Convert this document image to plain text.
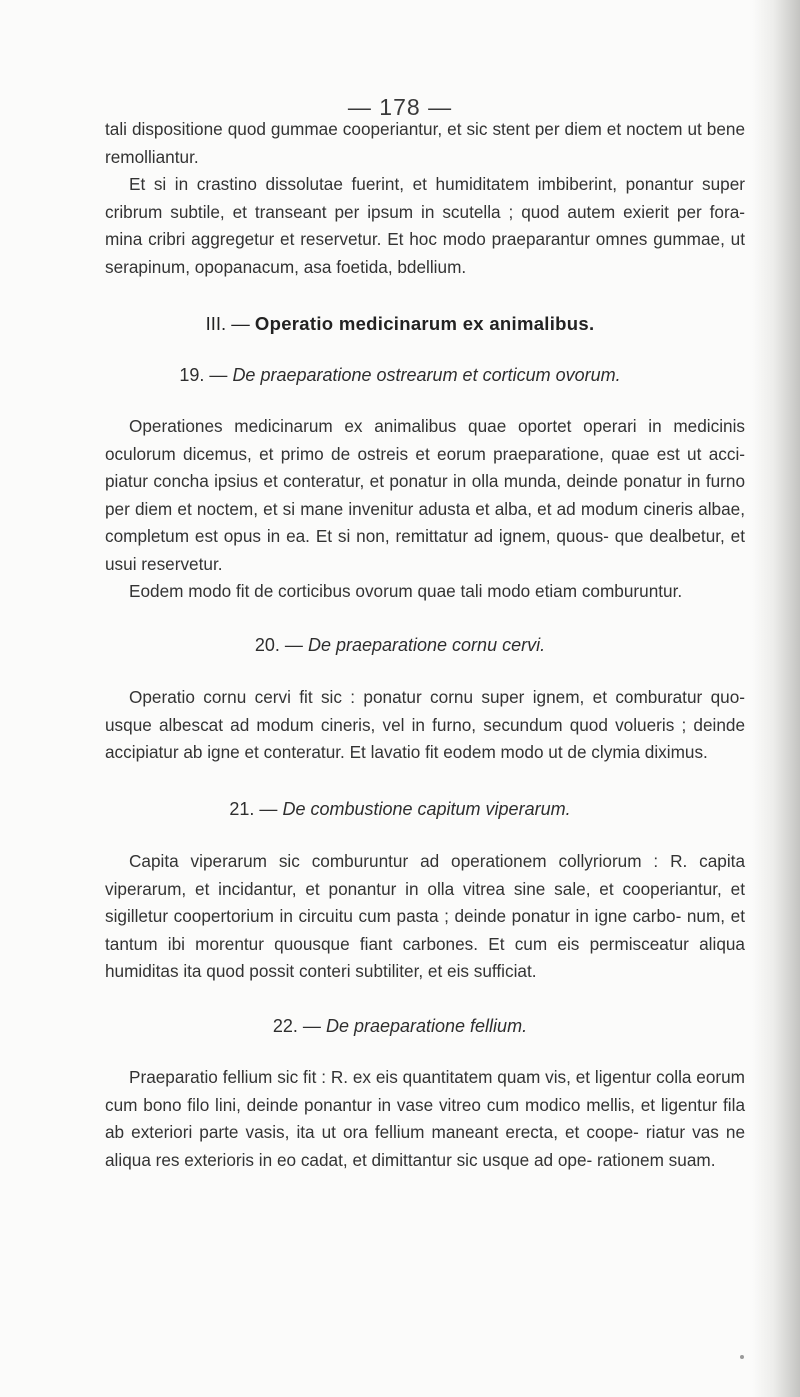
— 178 —

tali dispositione quod gummae cooperiantur, et sic stent per diem et noctem ut bene remolliantur.

Et si in crastino dissolutae fuerint, et humiditatem imbiberint, ponantur super cribrum subtile, et transeant per ipsum in scutella ; quod autem exierit per fora- mina cribri aggregetur et reservetur. Et hoc modo praeparantur omnes gummae, ut serapinum, opopanacum, asa foetida, bdellium.

III. — Operatio medicinarum ex animalibus.
19. — De praeparatione ostrearum et corticum ovorum.

Operationes medicinarum ex animalibus quae oportet operari in medicinis oculorum dicemus, et primo de ostreis et eorum praeparatione, quae est ut acci- piatur concha ipsius et conteratur, et ponatur in olla munda, deinde ponatur in furno per diem et noctem, et si mane invenitur adusta et alba, et ad modum cineris albae, completum est opus in ea. Et si non, remittatur ad ignem, quous- que dealbetur, et usui reservetur.

Eodem modo fit de corticibus ovorum quae tali modo etiam comburuntur.

20. — De praeparatione cornu cervi.

Operatio cornu cervi fit sic : ponatur cornu super ignem, et comburatur quo- usque albescat ad modum cineris, vel in furno, secundum quod volueris ; deinde accipiatur ab igne et conteratur. Et lavatio fit eodem modo ut de clymia diximus.

21. — De combustione capitum viperarum.

Capita viperarum sic comburuntur ad operationem collyriorum : R. capita viperarum, et incidantur, et ponantur in olla vitrea sine sale, et cooperiantur, et sigilletur coopertorium in circuitu cum pasta ; deinde ponatur in igne carbo- num, et tantum ibi morentur quousque fiant carbones. Et cum eis permisceatur aliqua humiditas ita quod possit conteri subtiliter, et eis sufficiat.

22. — De praeparatione fellium.

Praeparatio fellium sic fit : R. ex eis quantitatem quam vis, et ligentur colla eorum cum bono filo lini, deinde ponantur in vase vitreo cum modico mellis, et ligentur fila ab exteriori parte vasis, ita ut ora fellium maneant erecta, et coope- riatur vas ne aliqua res exterioris in eo cadat, et dimittantur sic usque ad ope- rationem suam.
